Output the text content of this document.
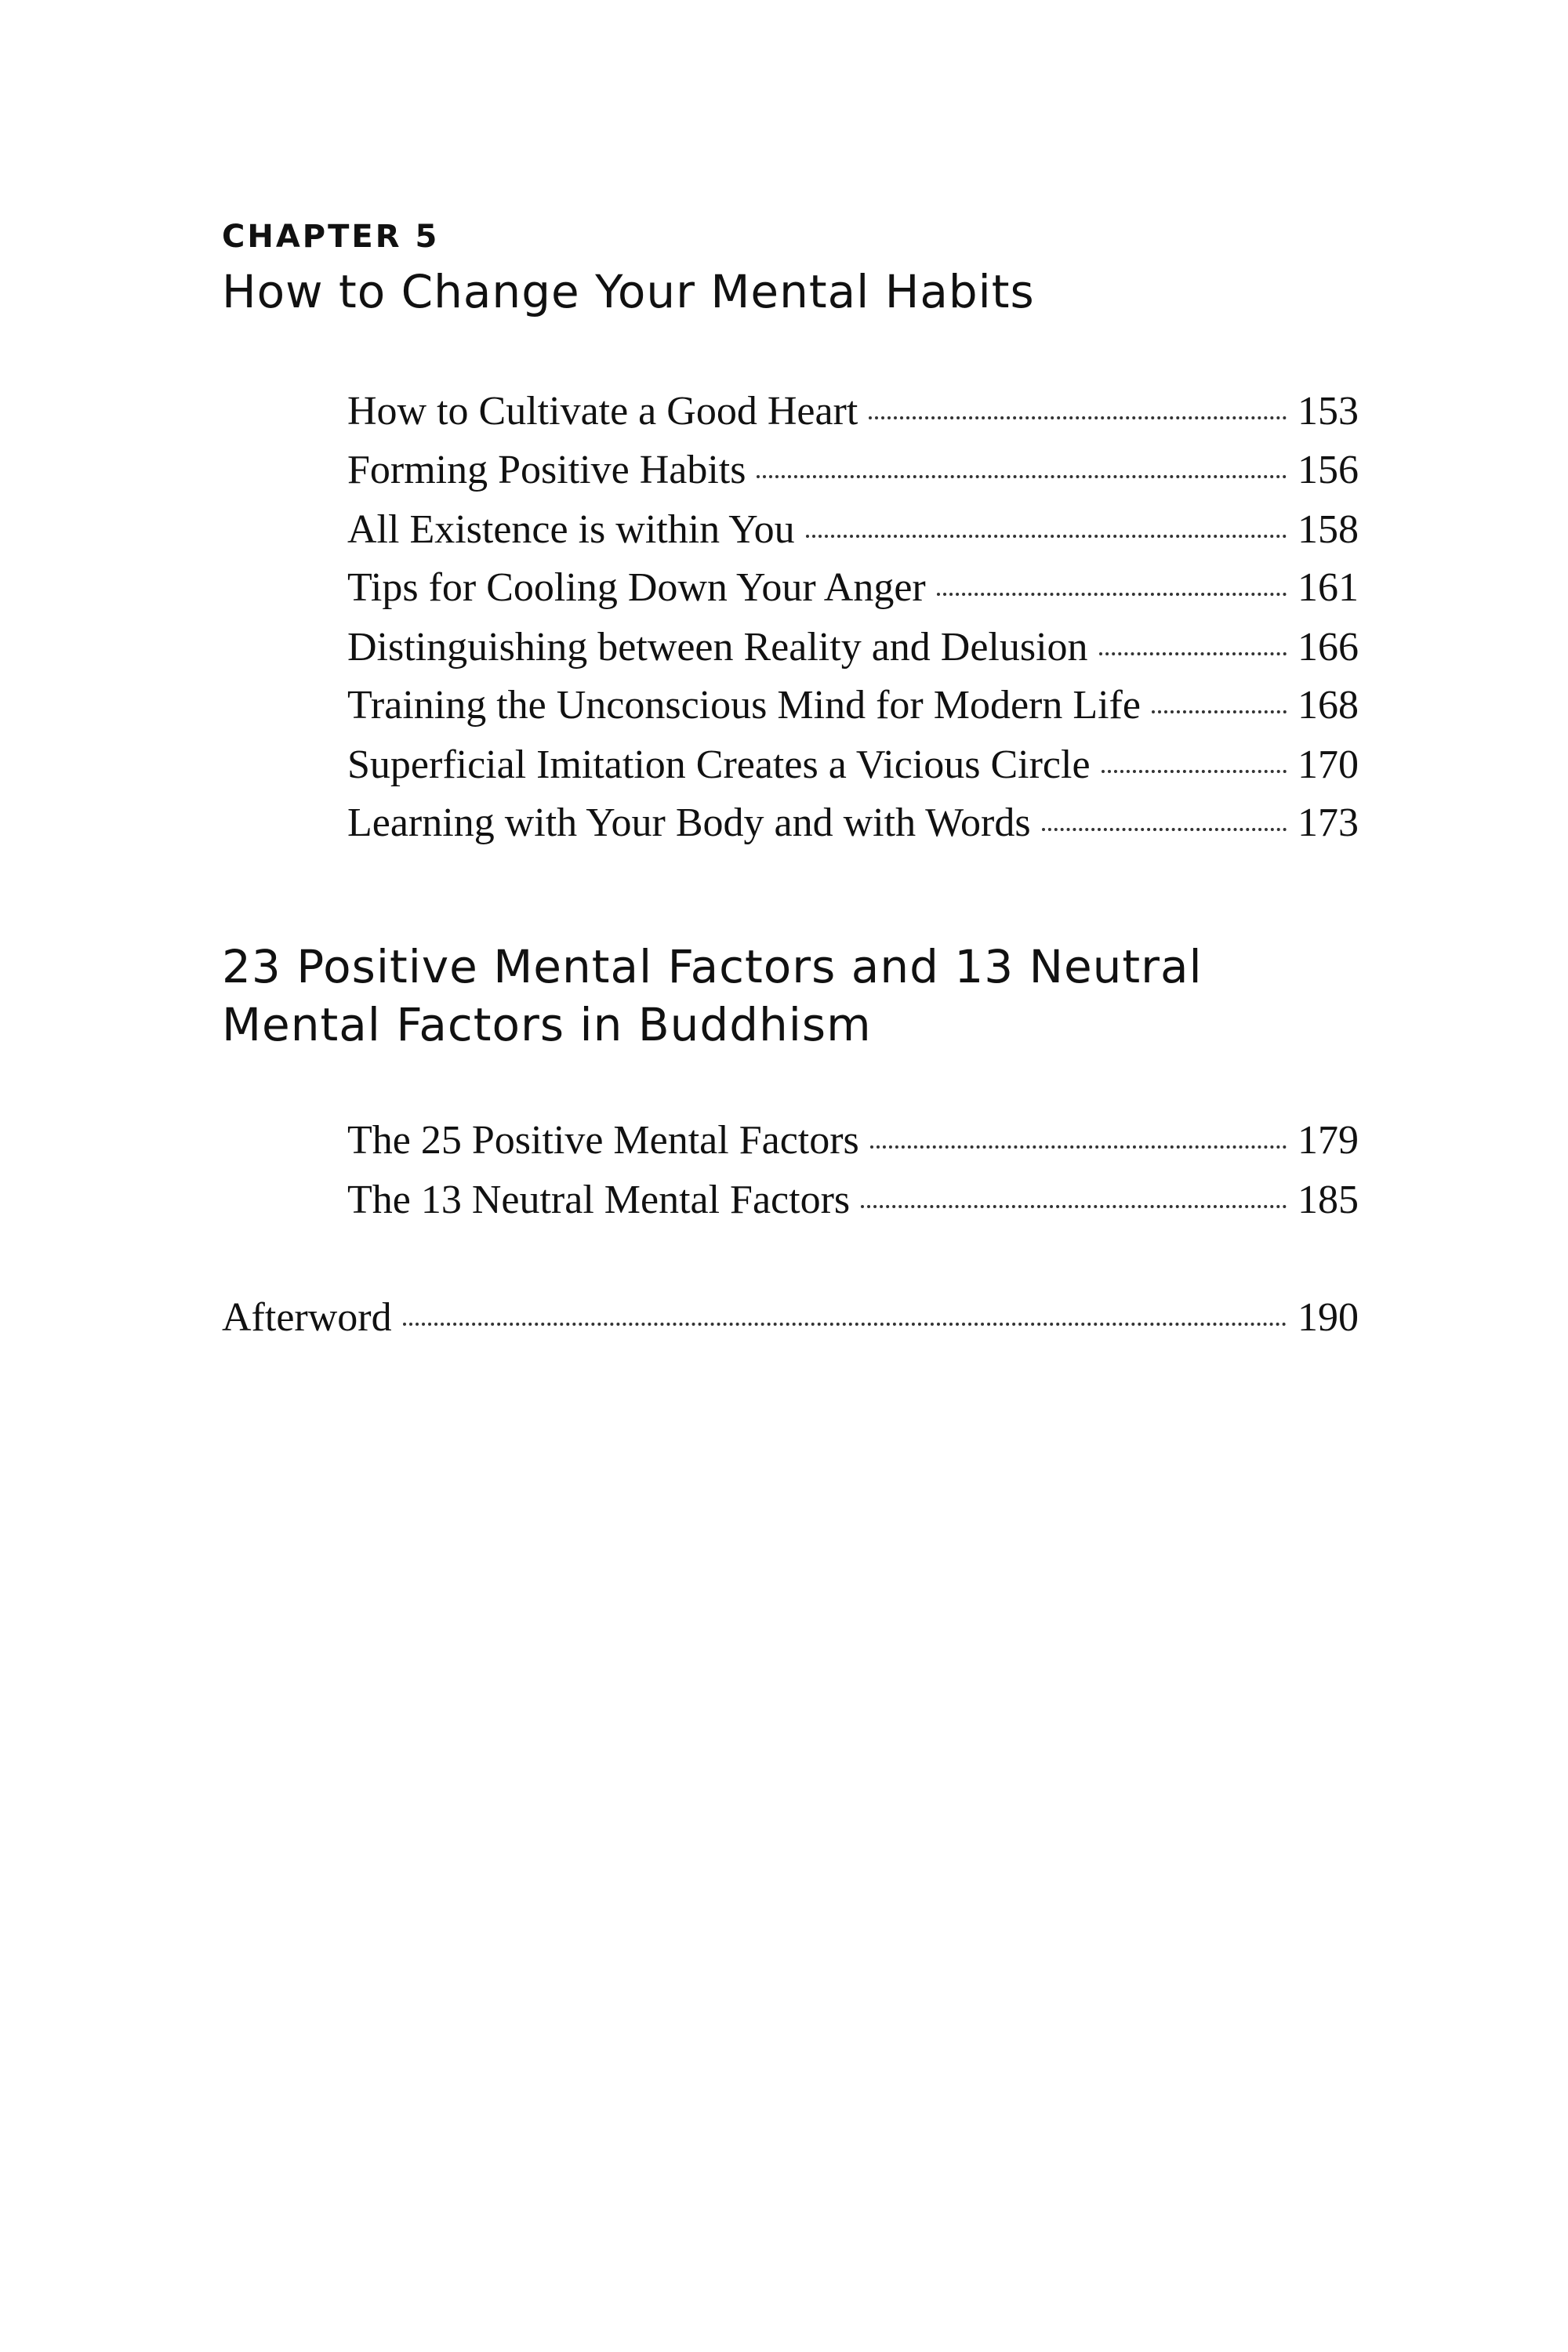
CHAPTER 5
How to Change Your Mental Habits
How to Cultivate a Good Heart	153
Forming Positive Habits	156
All Existence is within You	158
Tips for Cooling Down Your Anger	161
Distinguishing between Reality and Delusion	166
Training the Unconscious Mind for Modern Life	168
Superficial Imitation Creates a Vicious Circle	170
Learning with Your Body and with Words	173
23 Positive Mental Factors and 13 Neutral
Mental Factors in Buddhism
The 25 Positive Mental Factors	179
The 13 Neutral Mental Factors	185
Afterword	190
